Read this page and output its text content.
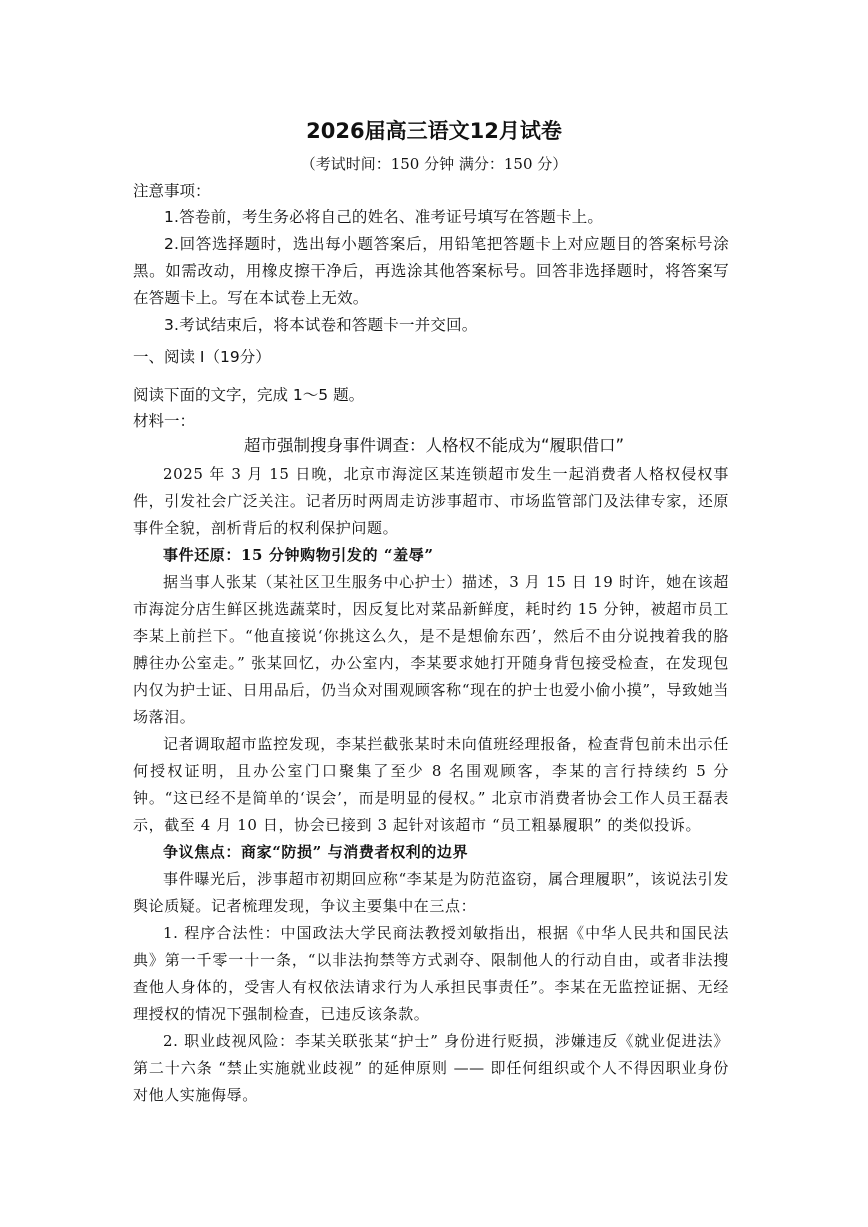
2026届高三语文12月试卷

（考试时间：150 分钟 满分：150 分）

注意事项：
1.答卷前，考生务必将自己的姓名、准考证号填写在答题卡上。
2.回答选择题时，选出每小题答案后，用铅笔把答题卡上对应题目的答案标号涂黑。如需改动，用橡皮擦干净后，再选涂其他答案标号。回答非选择题时，将答案写在答题卡上。写在本试卷上无效。
3.考试结束后，将本试卷和答题卡一并交回。
一、阅读 I（19分）
阅读下面的文字，完成 1～5 题。
材料一：
超市强制搜身事件调查：人格权不能成为“履职借口”

2025 年 3 月 15 日晚，北京市海淀区某连锁超市发生一起消费者人格权侵权事件，引发社会广泛关注。记者历时两周走访涉事超市、市场监管部门及法律专家，还原事件全貌，剖析背后的权利保护问题。

事件还原：15 分钟购物引发的 “羞辱”

据当事人张某（某社区卫生服务中心护士）描述，3 月 15 日 19 时许，她在该超市海淀分店生鲜区挑选蔬菜时，因反复比对菜品新鲜度，耗时约 15 分钟，被超市员工李某上前拦下。“他直接说‘你挑这么久，是不是想偷东西’，然后不由分说拽着我的胳膊往办公室走。” 张某回忆，办公室内，李某要求她打开随身背包接受检查，在发现包内仅为护士证、日用品后，仍当众对围观顾客称“现在的护士也爱小偷小摸”，导致她当场落泪。

记者调取超市监控发现，李某拦截张某时未向值班经理报备，检查背包前未出示任何授权证明，且办公室门口聚集了至少 8 名围观顾客，李某的言行持续约 5 分钟。“这已经不是简单的‘误会’，而是明显的侵权。” 北京市消费者协会工作人员王磊表示，截至 4 月 10 日，协会已接到 3 起针对该超市 “员工粗暴履职” 的类似投诉。

争议焦点：商家“防损” 与消费者权利的边界

事件曝光后，涉事超市初期回应称“李某是为防范盗窃，属合理履职”，该说法引发舆论质疑。记者梳理发现，争议主要集中在三点：

1. 程序合法性：中国政法大学民商法教授刘敏指出，根据《中华人民共和国民法典》第一千零一十一条，“以非法拘禁等方式剥夺、限制他人的行动自由，或者非法搜查他人身体的，受害人有权依法请求行为人承担民事责任”。李某在无监控证据、无经理授权的情况下强制检查，已违反该条款。

2. 职业歧视风险：李某关联张某“护士” 身份进行贬损，涉嫌违反《就业促进法》第二十六条 “禁止实施就业歧视” 的延伸原则 —— 即任何组织或个人不得因职业身份对他人实施侮辱。
